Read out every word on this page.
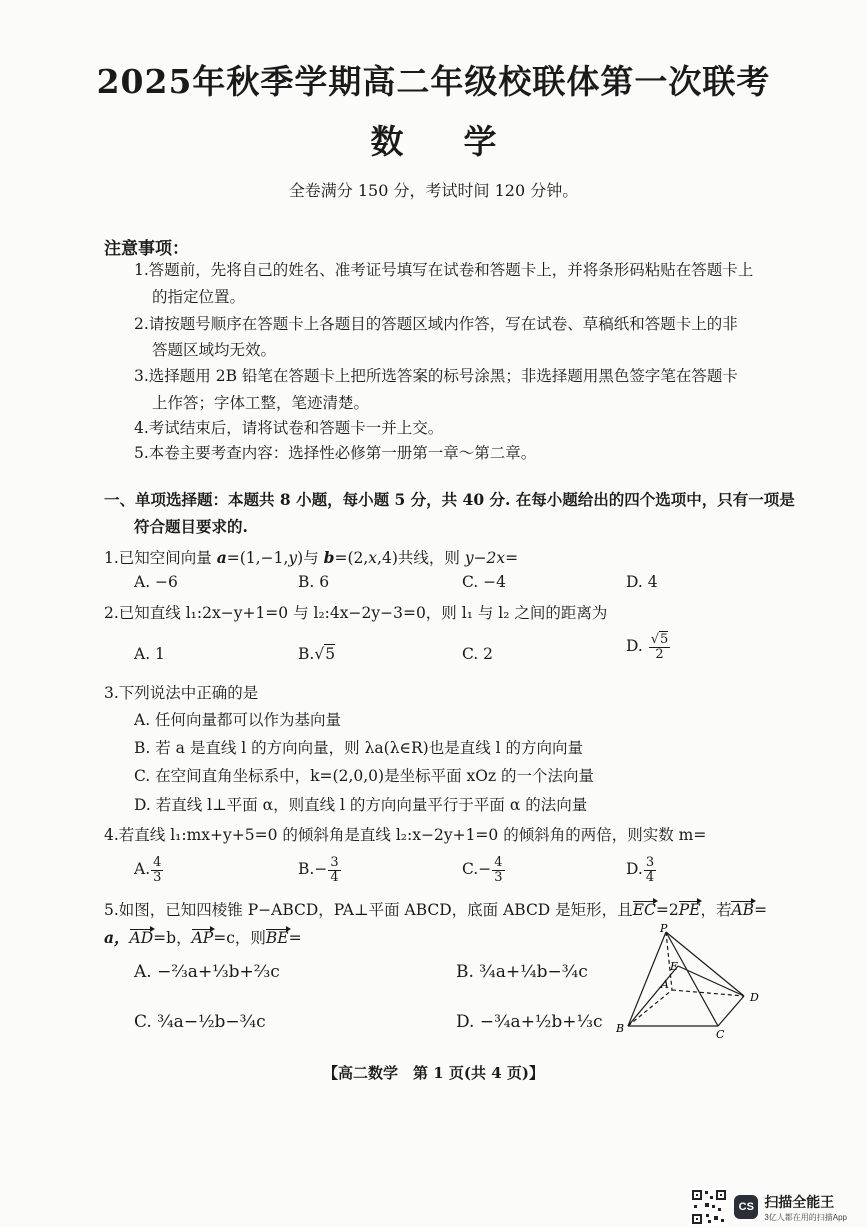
2025年秋季学期高二年级校联体第一次联考
数学
全卷满分 150 分，考试时间 120 分钟。
注意事项：
1.答题前，先将自己的姓名、准考证号填写在试卷和答题卡上，并将条形码粘贴在答题卡上
的指定位置。
2.请按题号顺序在答题卡上各题目的答题区域内作答，写在试卷、草稿纸和答题卡上的非
答题区域均无效。
3.选择题用 2B 铅笔在答题卡上把所选答案的标号涂黑；非选择题用黑色签字笔在答题卡
上作答；字体工整，笔迹清楚。
4.考试结束后，请将试卷和答题卡一并上交。
5.本卷主要考查内容：选择性必修第一册第一章～第二章。
一、单项选择题：本题共 8 小题，每小题 5 分，共 40 分. 在每小题给出的四个选项中，只有一项是
符合题目要求的.
1.已知空间向量 a=(1,−1,y)与 b=(2,x,4)共线，则 y−2x=
A. −6	B. 6	C. −4	D. 4
2.已知直线 l₁:2x−y+1=0 与 l₂:4x−2y−3=0，则 l₁ 与 l₂ 之间的距离为
A. 1	B.√5	C. 2	D. $\frac{√5}{2}$
3.下列说法中正确的是
A. 任何向量都可以作为基向量
B. 若 a 是直线 l 的方向向量，则 λa(λ∈R)也是直线 l 的方向向量
C. 在空间直角坐标系中，k=(2,0,0)是坐标平面 xOz 的一个法向量
D. 若直线 l⊥平面 α，则直线 l 的方向向量平行于平面 α 的法向量
4.若直线 l₁:mx+y+5=0 的倾斜角是直线 l₂:x−2y+1=0 的倾斜角的两倍，则实数 m=
A. $\frac{4}{3}$	$B.- \frac{3}{4}$	$C.- \frac{4}{3}$	D. $\frac{3}{4}$
5.如图，已知四棱锥 P−ABCD，PA⊥平面 ABCD，底面 ABCD 是矩形，且EC=2PE，若AB=
a，AD=b，AP=c，则BE=
A. −⅔a+⅓b+⅔c	B. ¾a+¼b−¾c
C. ¾a−½b−¾c	D. −¾a+½b+⅓c
P
E
A
B	C
D
【高二数学　第 1 页(共 4 页)】
CS 扫描全能王
3亿人都在用的扫描App
